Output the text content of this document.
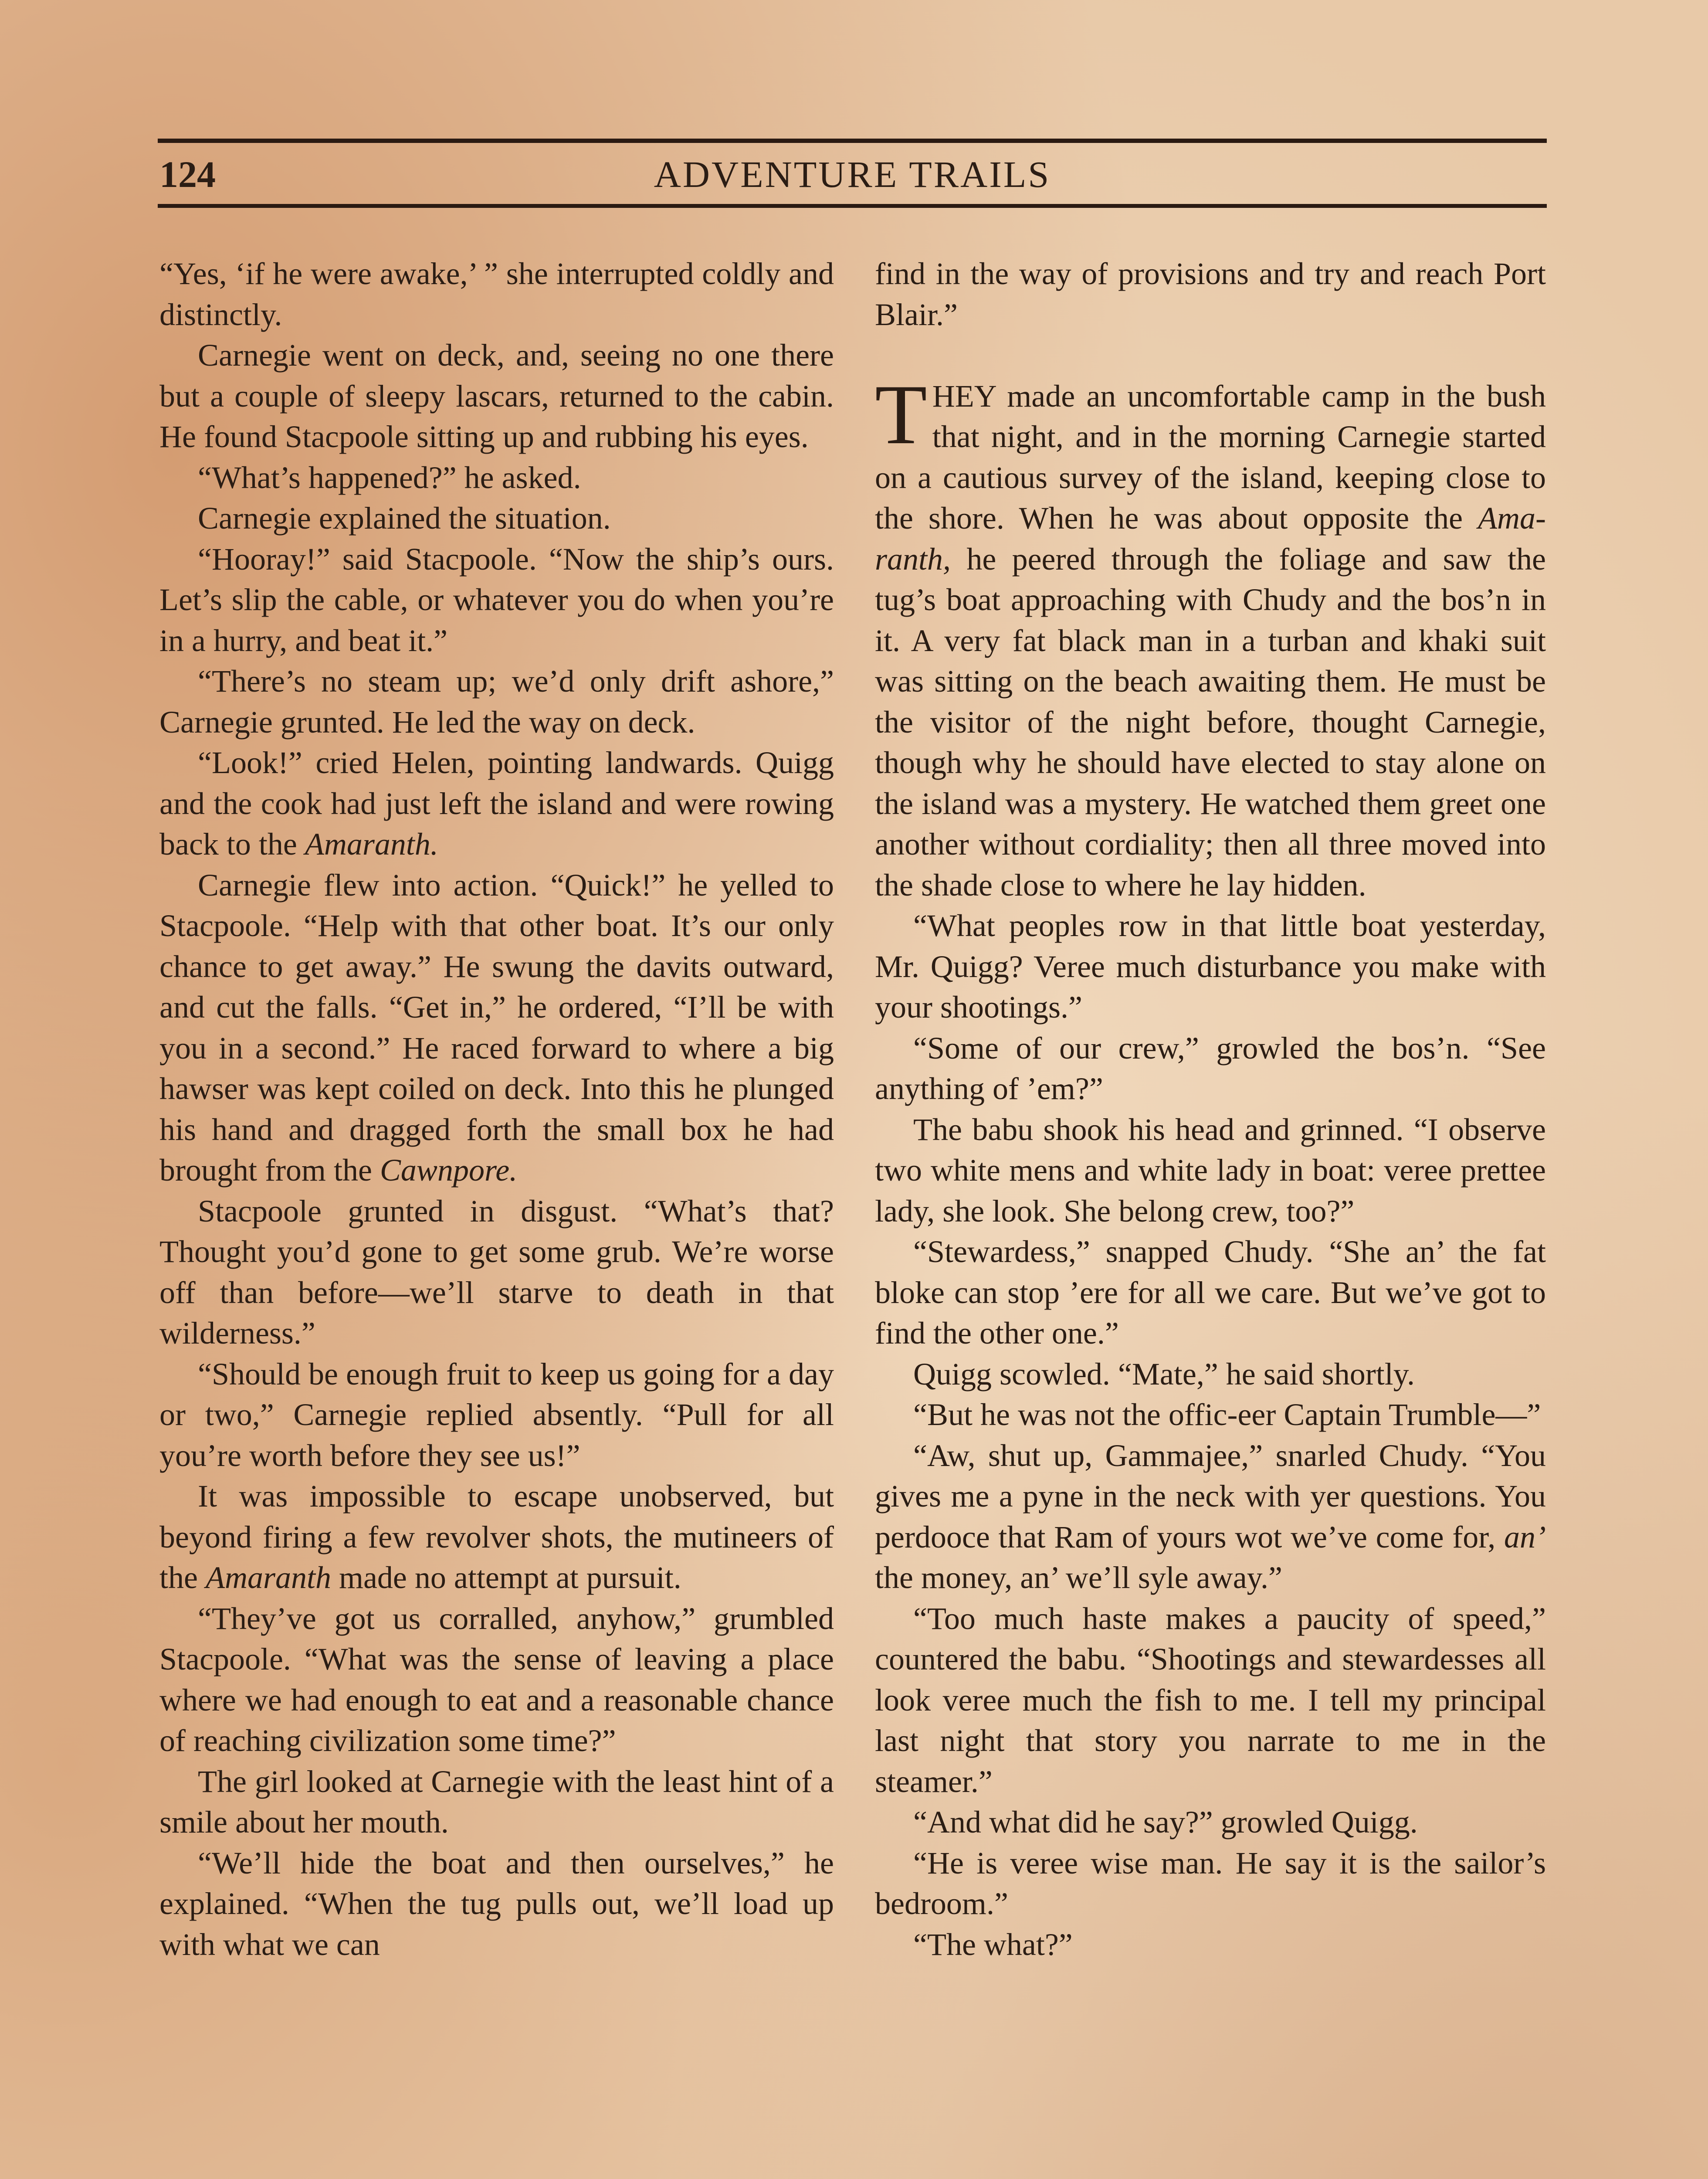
124	ADVENTURE TRAILS

“Yes, ‘if he were awake,’ ” she interrupted coldly and distinctly.

Carnegie went on deck, and, seeing no one there but a couple of sleepy lascars, returned to the cabin. He found Stacpoole sitting up and rubbing his eyes.

“What’s happened?” he asked.

Carnegie explained the situation.

“Hooray!” said Stacpoole. “Now the ship’s ours. Let’s slip the cable, or whatever you do when you’re in a hurry, and beat it.”

“There’s no steam up; we’d only drift ashore,” Carnegie grunted. He led the way on deck.

“Look!” cried Helen, pointing landwards. Quigg and the cook had just left the island and were rowing back to the Amaranth.

Carnegie flew into action. “Quick!” he yelled to Stacpoole. “Help with that other boat. It’s our only chance to get away.” He swung the davits outward, and cut the falls. “Get in,” he ordered, “I’ll be with you in a second.” He raced forward to where a big hawser was kept coiled on deck. Into this he plunged his hand and dragged forth the small box he had brought from the Cawnpore.

Stacpoole grunted in disgust. “What’s that? Thought you’d gone to get some grub. We’re worse off than before—we’ll starve to death in that wilderness.”

“Should be enough fruit to keep us going for a day or two,” Carnegie replied absently. “Pull for all you’re worth before they see us!”

It was impossible to escape unobserved, but beyond firing a few revolver shots, the mutineers of the Amaranth made no attempt at pursuit.

“They’ve got us corralled, anyhow,” grumbled Stacpoole. “What was the sense of leaving a place where we had enough to eat and a reasonable chance of reaching civilization some time?”

The girl looked at Carnegie with the least hint of a smile about her mouth.

“We’ll hide the boat and then ourselves,” he explained. “When the tug pulls out, we’ll load up with what we can

find in the way of provisions and try and reach Port Blair.”

THEY made an uncomfortable camp in the bush that night, and in the morning Carnegie started on a cautious survey of the island, keeping close to the shore. When he was about opposite the Amaranth, he peered through the foliage and saw the tug’s boat approaching with Chudy and the bos’n in it. A very fat black man in a turban and khaki suit was sitting on the beach awaiting them. He must be the visitor of the night before, thought Carnegie, though why he should have elected to stay alone on the island was a mystery. He watched them greet one another without cordiality; then all three moved into the shade close to where he lay hidden.

“What peoples row in that little boat yesterday, Mr. Quigg? Veree much disturbance you make with your shootings.”

“Some of our crew,” growled the bos’n. “See anything of ’em?”

The babu shook his head and grinned. “I observe two white mens and white lady in boat: veree prettee lady, she look. She belong crew, too?”

“Stewardess,” snapped Chudy. “She an’ the fat bloke can stop ’ere for all we care. But we’ve got to find the other one.”

Quigg scowled. “Mate,” he said shortly.

“But he was not the offic-eer Captain Trumble—”

“Aw, shut up, Gammajee,” snarled Chudy. “You gives me a pyne in the neck with yer questions. You perdooce that Ram of yours wot we’ve come for, an’ the money, an’ we’ll syle away.”

“Too much haste makes a paucity of speed,” countered the babu. “Shootings and stewardesses all look veree much the fish to me. I tell my principal last night that story you narrate to me in the steamer.”

“And what did he say?” growled Quigg.

“He is veree wise man. He say it is the sailor’s bedroom.”

“The what?”
